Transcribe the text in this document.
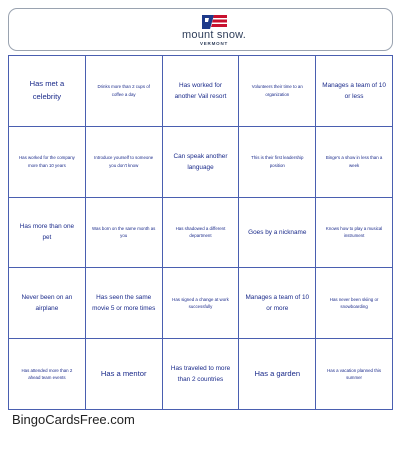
mount snow.
VERMONT
Has met a celebrity
Drinks more than 2 cups of coffee a day
Has worked for another Vail resort
Volunteers their time to an organization
Manages a team of 10 or less
Has worked for the company more than 10 years
Introduce yourself to someone you don't know
Can speak another language
This is their first leadership position
Binge's a show in less than a week
Has more than one pet
Was born on the same month as you
Has shadowed a different department	Goes by a nickname
Knows how to play a musical instrument
Never been on an airplane
Has seen the same movie 5 or more times
Has signed a change at work successfully
Manages a team of 10 or more
Has never been skiing or snowboarding
Has attended more than 2 ahead team events	Has a mentor
Has traveled to more than 2 countries
Has a garden	Has a vacation planned this summer
BingoCardsFree.com
